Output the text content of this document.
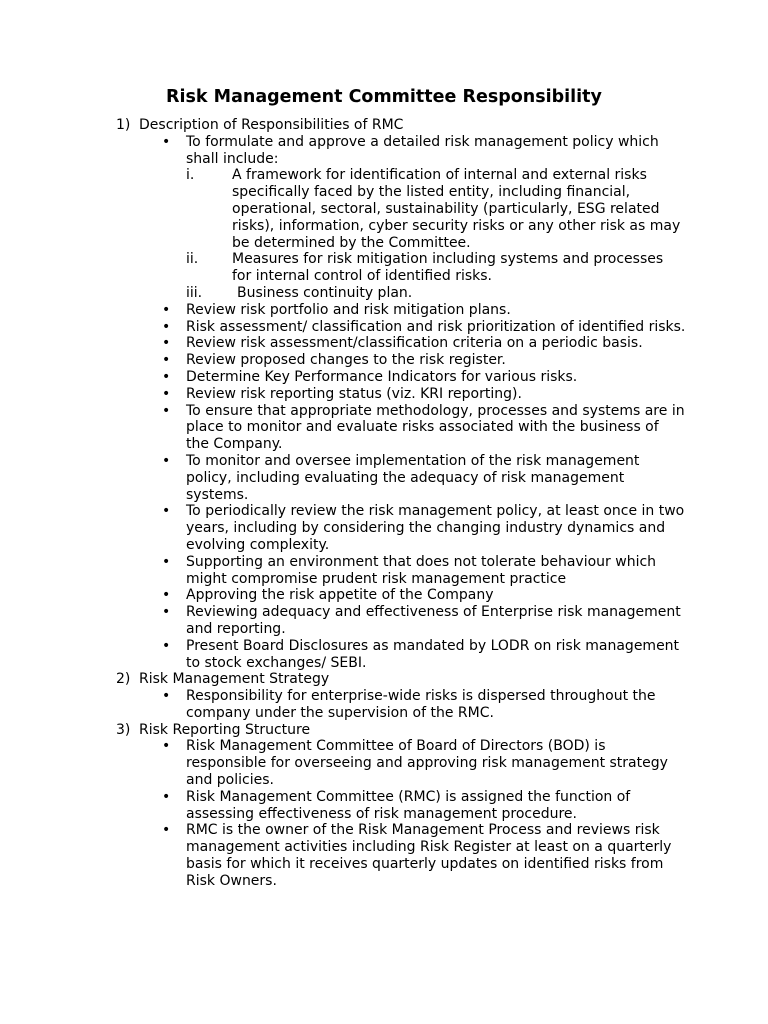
Risk Management Committee Responsibility
1) Description of Responsibilities of RMC
To formulate and approve a detailed risk management policy which shall include:
i.	A framework for identification of internal and external risks specifically faced by the listed entity, including financial, operational, sectoral, sustainability (particularly, ESG related risks), information, cyber security risks or any other risk as may be determined by the Committee.
ii. Measures for risk mitigation including systems and processes for internal control of identified risks.
iii.	Business continuity plan.
Review risk portfolio and risk mitigation plans.
Risk assessment/ classification and risk prioritization of identified risks.
Review risk assessment/classification criteria on a periodic basis.
Review proposed changes to the risk register.
Determine Key Performance Indicators for various risks.
Review risk reporting status (viz. KRI reporting).
To ensure that appropriate methodology, processes and systems are in place to monitor and evaluate risks associated with the business of the Company.
To monitor and oversee implementation of the risk management policy, including evaluating the adequacy of risk management systems.
To periodically review the risk management policy, at least once in two years, including by considering the changing industry dynamics and evolving complexity.
Supporting an environment that does not tolerate behaviour which might compromise prudent risk management practice
Approving the risk appetite of the Company
Reviewing adequacy and effectiveness of Enterprise risk management and reporting.
Present Board Disclosures as mandated by LODR on risk management to stock exchanges/ SEBI.
2) Risk Management Strategy
Responsibility for enterprise-wide risks is dispersed throughout the company under the supervision of the RMC.
3) Risk Reporting Structure
Risk Management Committee of Board of Directors (BOD) is responsible for overseeing and approving risk management strategy and policies.
Risk Management Committee (RMC) is assigned the function of assessing effectiveness of risk management procedure.
RMC is the owner of the Risk Management Process and reviews risk management activities including Risk Register at least on a quarterly basis for which it receives quarterly updates on identified risks from Risk Owners.
